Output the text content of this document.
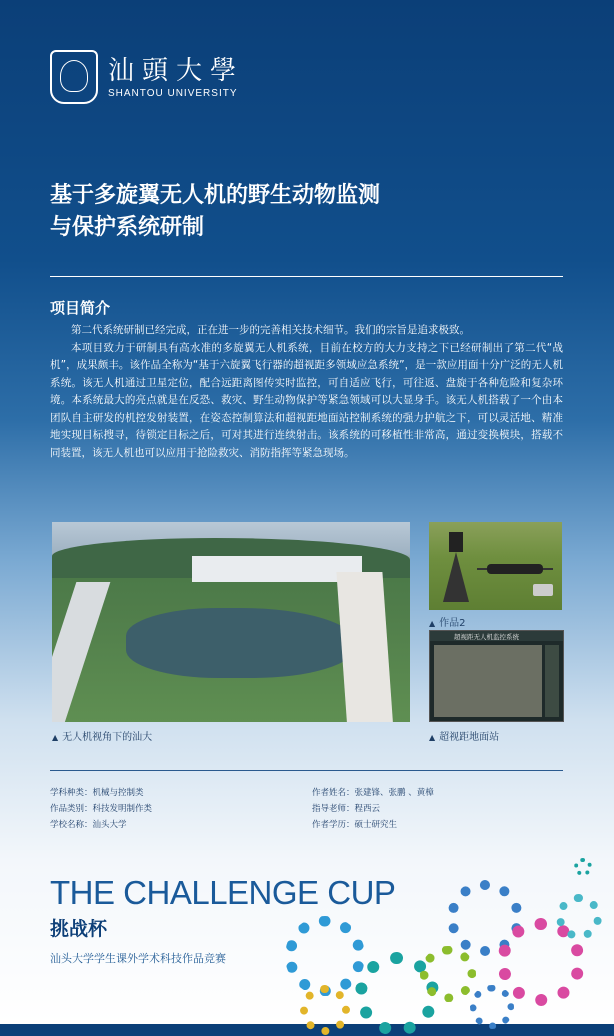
汕頭大學
SHANTOU UNIVERSITY
基于多旋翼无人机的野生动物监测
与保护系统研制
项目简介

第二代系统研制已经完成，正在进一步的完善相关技术细节。我们的宗旨是追求极致。

本项目致力于研制具有高水准的多旋翼无人机系统，目前在校方的大力支持之下已经研制出了第二代“战机”，成果颇丰。该作品全称为“基于六旋翼飞行器的超视距多领域应急系统”，是一款应用面十分广泛的无人机系统。该无人机通过卫星定位，配合远距离图传实时监控，可自适应飞行，可往返、盘旋于各种危险和复杂环境。本系统最大的亮点就是在反恐、救灾、野生动物保护等紧急领域可以大显身手。该无人机搭载了一个由本团队自主研发的机控发射装置，在姿态控制算法和超视距地面站控制系统的强力护航之下，可以灵活地、精准地实现目标搜寻，待锁定目标之后，可对其进行连续射击。该系统的可移植性非常高，通过变换模块，搭载不同装置，该无人机也可以应用于抢险救灾、消防指挥等紧急现场。

▲ 无人机视角下的汕大
▲ 作品2
超视距无人机监控系统
▲ 超视距地面站
学科种类：机械与控制类
作品类别：科技发明制作类
学校名称：汕头大学
作者姓名：张建锋、张鹏 、黄樟
指导老师：程西云
作者学历：硕士研究生
THE CHALLENGE CUP
挑战杯
汕头大学学生课外学术科技作品竞赛
